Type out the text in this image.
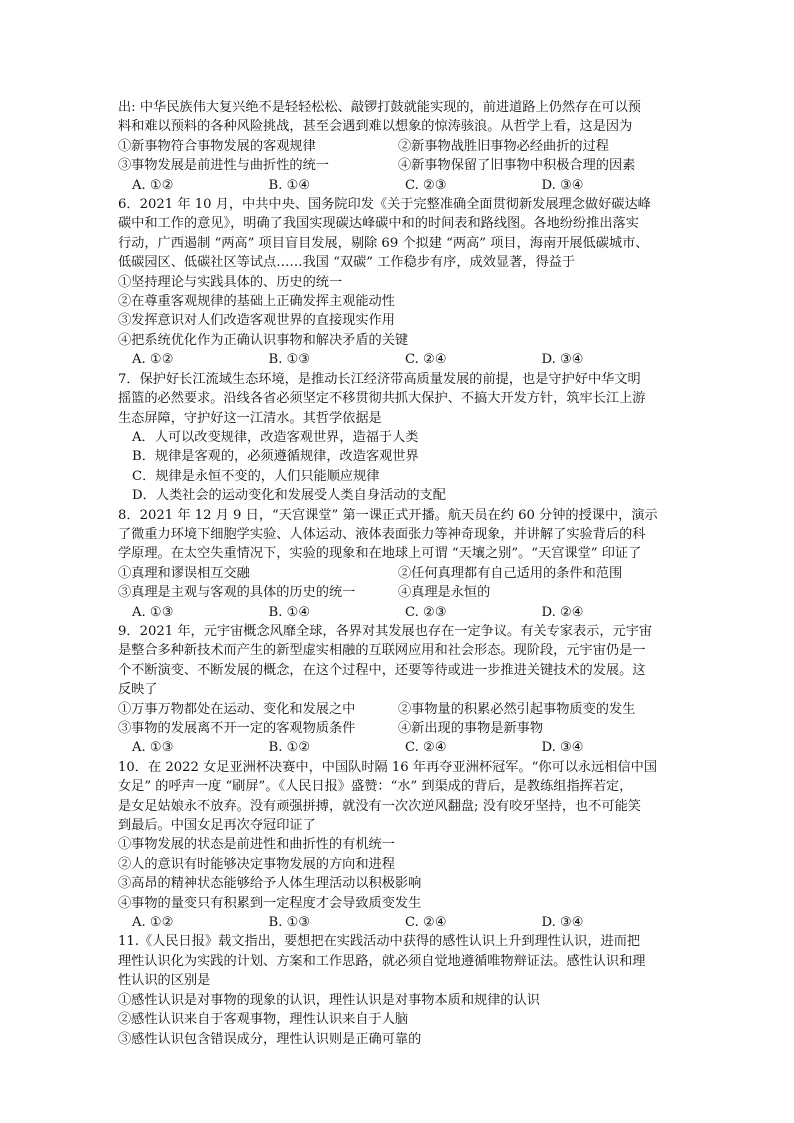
出: 中华民族伟大复兴绝不是轻轻松松、敲锣打鼓就能实现的，前进道路上仍然存在可以预

料和难以预料的各种风险挑战，甚至会遇到难以想象的惊涛骇浪。从哲学上看，这是因为

①新事物符合事物发展的客观规律	②新事物战胜旧事物必经曲折的过程
③事物发展是前进性与曲折性的统一	④新事物保留了旧事物中积极合理的因素
A. ①②	B. ①④	C. ②③	D. ③④

6．2021 年 10 月，中共中央、国务院印发《关于完整准确全面贯彻新发展理念做好碳达峰

碳中和工作的意见》，明确了我国实现碳达峰碳中和的时间表和路线图。各地纷纷推出落实

行动，广西遏制 “两高” 项目盲目发展，剔除 69 个拟建 “两高” 项目，海南开展低碳城市、

低碳园区、低碳社区等试点……我国 “双碳” 工作稳步有序，成效显著，得益于

①坚持理论与实践具体的、历史的统一

②在尊重客观规律的基础上正确发挥主观能动性

③发挥意识对人们改造客观世界的直接现实作用

④把系统优化作为正确认识事物和解决矛盾的关键

A. ①②	B. ①③	C. ②④	D. ③④

7．保护好长江流域生态环境，是推动长江经济带高质量发展的前提，也是守护好中华文明

摇篮的必然要求。沿线各省必须坚定不移贯彻共抓大保护、不搞大开发方针，筑牢长江上游

生态屏障，守护好这一江清水。其哲学依据是

A．人可以改变规律，改造客观世界，造福于人类

B．规律是客观的，必须遵循规律，改造客观世界

C．规律是永恒不变的，人们只能顺应规律

D．人类社会的运动变化和发展受人类自身活动的支配

8．2021 年 12 月 9 日，“天宫课堂” 第一课正式开播。航天员在约 60 分钟的授课中，演示

了微重力环境下细胞学实验、人体运动、液体表面张力等神奇现象，并讲解了实验背后的科

学原理。在太空失重情况下，实验的现象和在地球上可谓 “天壤之别”。“天宫课堂” 印证了

①真理和谬误相互交融	②任何真理都有自己适用的条件和范围
③真理是主观与客观的具体的历史的统一	④真理是永恒的
A. ①③	B. ①④	C. ②③	D. ②④

9．2021 年，元宇宙概念风靡全球，各界对其发展也存在一定争议。有关专家表示，元宇宙

是整合多种新技术而产生的新型虚实相融的互联网应用和社会形态。现阶段，元宇宙仍是一

个不断演变、不断发展的概念，在这个过程中，还要等待或进一步推进关键技术的发展。这

反映了

①万事万物都处在运动、变化和发展之中	②事物量的积累必然引起事物质变的发生
③事物的发展离不开一定的客观物质条件	④新出现的事物是新事物
A. ①③	B. ①②	C. ②④	D. ③④

10．在 2022 女足亚洲杯决赛中，中国队时隔 16 年再夺亚洲杯冠军。“你可以永远相信中国

女足” 的呼声一度 “刷屏”。《人民日报》盛赞：“水” 到渠成的背后，是教练组指挥若定，

是女足姑娘永不放弃。没有顽强拼搏，就没有一次次逆风翻盘; 没有咬牙坚持，也不可能笑

到最后。中国女足再次夺冠印证了

①事物发展的状态是前进性和曲折性的有机统一

②人的意识有时能够决定事物发展的方向和进程

③高昂的精神状态能够给予人体生理活动以积极影响

④事物的量变只有积累到一定程度才会导致质变发生

A. ①②	B. ①③	C. ②④	D. ③④

11.《人民日报》载文指出，要想把在实践活动中获得的感性认识上升到理性认识，进而把

理性认识化为实践的计划、方案和工作思路，就必须自觉地遵循唯物辩证法。感性认识和理

性认识的区别是

①感性认识是对事物的现象的认识，理性认识是对事物本质和规律的认识

②感性认识来自于客观事物，理性认识来自于人脑

③感性认识包含错误成分，理性认识则是正确可靠的
